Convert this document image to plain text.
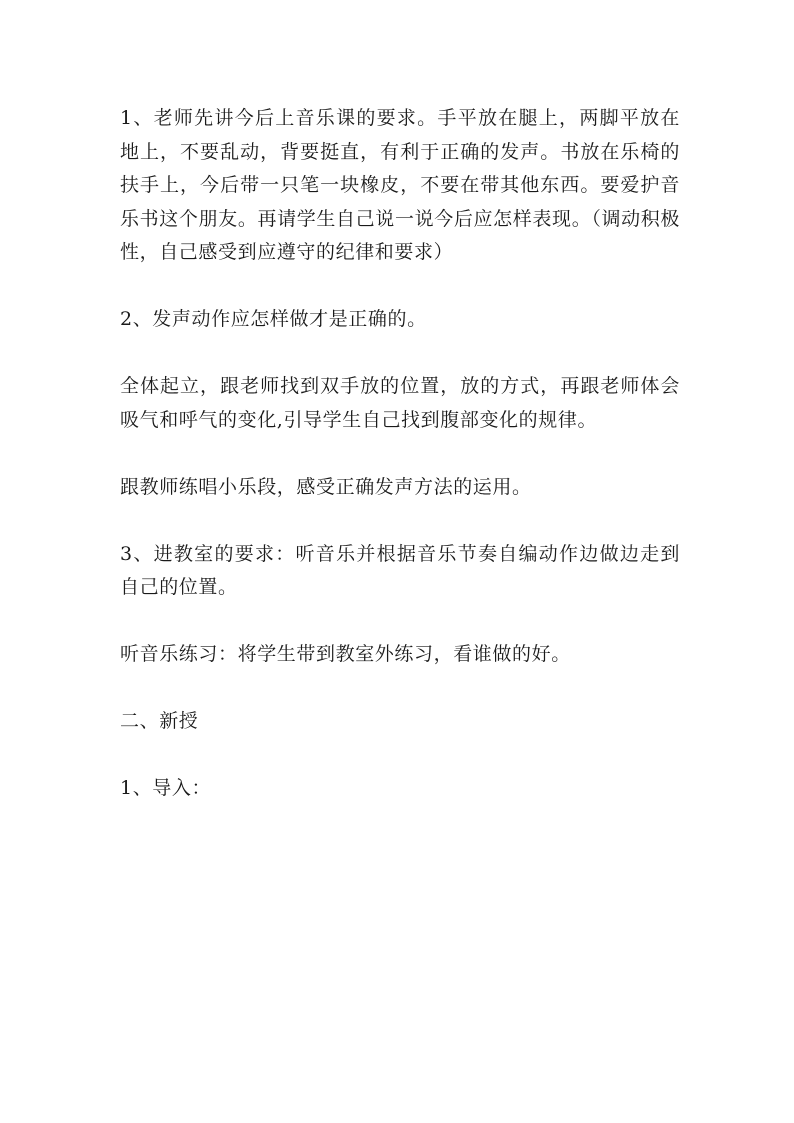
1、老师先讲今后上音乐课的要求。手平放在腿上，两脚平放在地上，不要乱动，背要挺直，有利于正确的发声。书放在乐椅的扶手上，今后带一只笔一块橡皮，不要在带其他东西。要爱护音乐书这个朋友。再请学生自己说一说今后应怎样表现。（调动积极性，自己感受到应遵守的纪律和要求）

2、发声动作应怎样做才是正确的。

全体起立，跟老师找到双手放的位置，放的方式，再跟老师体会吸气和呼气的变化,引导学生自己找到腹部变化的规律。

跟教师练唱小乐段，感受正确发声方法的运用。

3、进教室的要求：听音乐并根据音乐节奏自编动作边做边走到自己的位置。

听音乐练习：将学生带到教室外练习，看谁做的好。

二、新授

1、导入：
